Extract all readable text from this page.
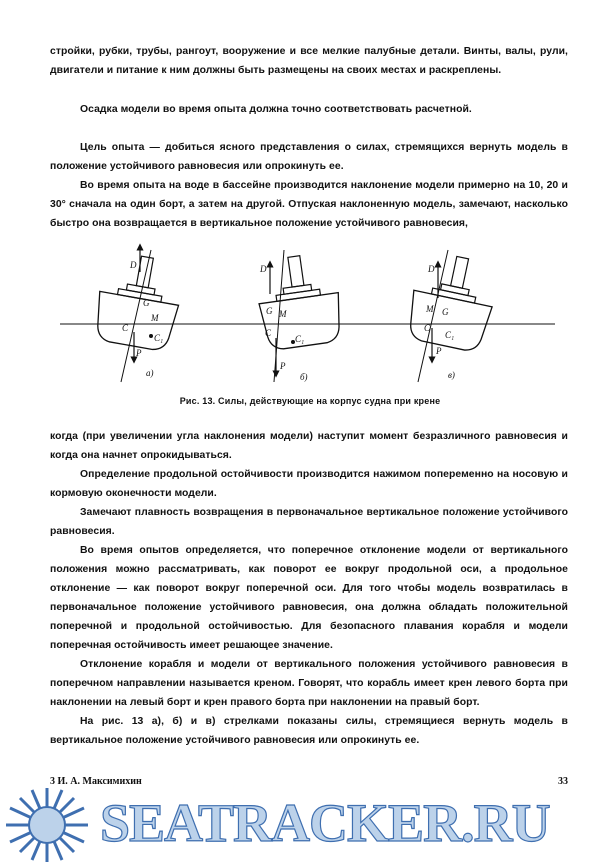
стройки, рубки, трубы, рангоут, вооружение и все мелкие палубные детали. Винты, валы, рули, двигатели и питание к ним должны быть размещены на своих местах и раскреплены.

Осадка модели во время опыта должна точно соответствовать расчетной.

Цель опыта — добиться ясного представления о силах, стремящихся вернуть модель в положение устойчивого равновесия или опрокинуть ее.

Во время опыта на воде в бассейне производится наклонение модели примерно на 10, 20 и 30° сначала на один борт, а затем на другой. Отпуская наклоненную модель, замечают, насколько быстро она возвращается в вертикальное положение устойчивого равновесия,

D
G
M
C
C₁
P
а)
D
G M
C
C₁
P
б)
D
M G
C
C₁
P
в)
Рис. 13. Силы, действующие на корпус судна при крене

когда (при увеличении угла наклонения модели) наступит момент безразличного равновесия и когда она начнет опрокидываться.

Определение продольной остойчивости производится нажимом попеременно на носовую и кормовую оконечности модели.

Замечают плавность возвращения в первоначальное вертикальное положение устойчивого равновесия.

Во время опытов определяется, что поперечное отклонение модели от вертикального положения можно рассматривать, как поворот ее вокруг продольной оси, а продольное отклонение — как поворот вокруг поперечной оси. Для того чтобы модель возвратилась в первоначальное положение устойчивого равновесия, она должна обладать положительной поперечной и продольной остойчивостью. Для безопасного плавания корабля и модели поперечная остойчивость имеет решающее значение.

Отклонение корабля и модели от вертикального положения устойчивого равновесия в поперечном направлении называется креном. Говорят, что корабль имеет крен левого борта при наклонении на левый борт и крен правого борта при наклонении на правый борт.

На рис. 13 а), б) и в) стрелками показаны силы, стремящиеся вернуть модель в вертикальное положение устойчивого равновесия или опрокинуть ее.

3 И. А. Максимихин	33
SEATRACKER.RU
